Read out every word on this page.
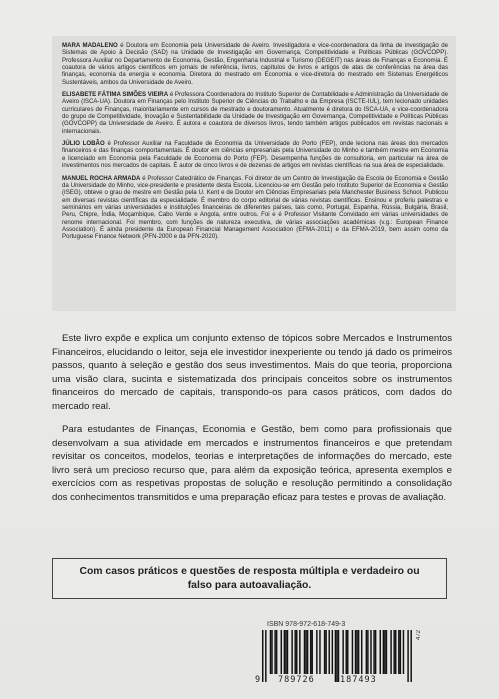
MARA MADALENO é Doutora em Economia pela Universidade de Aveiro. Investigadora e vice-coordenadora da linha de investigação de Sistemas de Apoio à Decisão (SAD) na Unidade de Investigação em Governança, Competitividade e Políticas Públicas (GOVCOPP). Professora Auxiliar no Departamento de Economia, Gestão, Engenharia Industrial e Turismo (DEGEIT) nas áreas de Finanças e Economia. É coautora de vários artigos científicos em jornais de referência, livros, capítulos de livros e artigos de atas de conferências na área das finanças, economia da energia e economia. Diretora do mestrado em Economia e vice-diretora do mestrado em Sistemas Energéticos Sustentáveis, ambos da Universidade de Aveiro.

ELISABETE FÁTIMA SIMÕES VIEIRA é Professora Coordenadora do Instituto Superior de Contabilidade e Administração da Universidade de Aveiro (ISCA-UA). Doutora em Finanças pelo Instituto Superior de Ciências do Trabalho e da Empresa (ISCTE-IUL), tem lecionado unidades curriculares de Finanças, maioritariamente em cursos de mestrado e doutoramento. Atualmente é diretora do ISCA-UA, e vice-coordenadora do grupo de Competitividade, Inovação e Sustentabilidade da Unidade de Investigação em Governança, Competitividade e Políticas Públicas (GOVCOPP) da Universidade de Aveiro. É autora e coautora de diversos livros, tendo também artigos publicados em revistas nacionais e internacionais.

JÚLIO LOBÃO é Professor Auxiliar na Faculdade de Economia da Universidade do Porto (FEP), onde leciona nas áreas dos mercados financeiros e das finanças comportamentais. É doutor em ciências empresariais pela Universidade do Minho e também mestre em Economia e licenciado em Economia pela Faculdade de Economia do Porto (FEP). Desempenha funções de consultoria, em particular na área de investimentos nos mercados de capitais. É autor de cinco livros e de dezenas de artigos em revistas científicas na sua área de especialidade.

MANUEL ROCHA ARMADA é Professor Catedrático de Finanças. Foi diretor de um Centro de Investigação da Escola de Economia e Gestão da Universidade do Minho, vice-presidente e presidente desta Escola. Licenciou-se em Gestão pelo Instituto Superior de Economia e Gestão (ISEG), obteve o grau de mestre em Gestão pela U. Kent e de Doutor em Ciências Empresariais pela Manchester Business School. Publicou em diversas revistas científicas da especialidade. É membro do corpo editorial de várias revistas científicas. Ensinou e proferiu palestras e seminários em várias universidades e instituições financeiras de diferentes países, tais como, Portugal, Espanha, Rússia, Bulgária, Brasil, Peru, Chipre, Índia, Moçambique, Cabo Verde e Angola, entre outros. Foi e é Professor Visitante Convidado em várias universidades de renome internacional. Foi membro, com funções de natureza executiva, de várias associações académicas (v.g.: European Finance Association). É ainda presidente da European Financial Management Association (EFMA-2011) e da EFMA-2019, bem assim como da Portuguese Finance Network (PFN-2000 e da PFN-2020).

Este livro expõe e explica um conjunto extenso de tópicos sobre Mercados e Instrumentos Financeiros, elucidando o leitor, seja ele investidor inexperiente ou tendo já dado os primeiros passos, quanto à seleção e gestão dos seus investimentos. Mais do que teoria, proporciona uma visão clara, sucinta e sistematizada dos principais conceitos sobre os instrumentos financeiros do mercado de capitais, transpondo-os para casos práticos, com dados do mercado real.

Para estudantes de Finanças, Economia e Gestão, bem como para profissionais que desenvolvam a sua atividade em mercados e instrumentos financeiros e que pretendam revisitar os conceitos, modelos, teorias e interpretações de informações do mercado, este livro será um precioso recurso que, para além da exposição teórica, apresenta exemplos e exercícios com as respetivas propostas de solução e resolução permitindo a consolidação dos conhecimentos transmitidos e uma preparação eficaz para testes e provas de avaliação.

Com casos práticos e questões de resposta múltipla e verdadeiro ou falso para autoavaliação.
ISBN 978-972-618-749-3
472
9 789726	187493
